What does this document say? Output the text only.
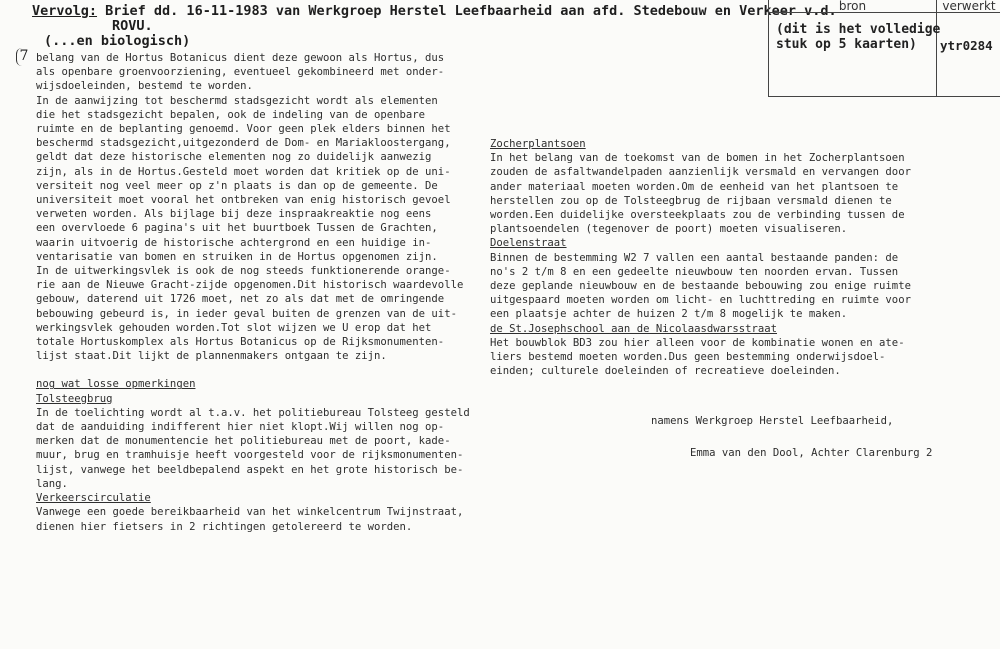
Vervolg: Brief dd. 16-11-1983 van Werkgroep Herstel Leefbaarheid aan afd. Stedebouw en Verkeer v.d.
ROVU.
(...en biologisch)
bron	verwerkt
(dit is het volledige
stuk op 5 kaarten)	ytr0284
7 belang van de Hortus Botanicus dient deze gewoon als Hortus, dus
als openbare groenvoorziening, eventueel gekombineerd met onder-
wijsdoeleinden, bestemd te worden.
In de aanwijzing tot beschermd stadsgezicht wordt als elementen
die het stadsgezicht bepalen, ook de indeling van de openbare
ruimte en de beplanting genoemd. Voor geen plek elders binnen het
beschermd stadsgezicht,uitgezonderd de Dom- en Mariakloostergang,
geldt dat deze historische elementen nog zo duidelijk aanwezig
zijn, als in de Hortus.Gesteld moet worden dat kritiek op de uni-
versiteit nog veel meer op z'n plaats is dan op de gemeente. De
universiteit moet vooral het ontbreken van enig historisch gevoel
verweten worden. Als bijlage bij deze inspraakreaktie nog eens
een overvloede 6 pagina's uit het buurtboek Tussen de Grachten,
waarin uitvoerig de historische achtergrond en een huidige in-
ventarisatie van bomen en struiken in de Hortus opgenomen zijn.
In de uitwerkingsvlek is ook de nog steeds funktionerende orange-
rie aan de Nieuwe Gracht-zijde opgenomen.Dit historisch waardevolle
gebouw, daterend uit 1726 moet, net zo als dat met de omringende
bebouwing gebeurd is, in ieder geval buiten de grenzen van de uit-
werkingsvlek gehouden worden.Tot slot wijzen we U erop dat het
totale Hortuskomplex als Hortus Botanicus op de Rijksmonumenten-
lijst staat.Dit lijkt de plannenmakers ontgaan te zijn.
nog wat losse opmerkingen
Tolsteegbrug
In de toelichting wordt al t.a.v. het politiebureau Tolsteeg gesteld
dat de aanduiding indifferent hier niet klopt.Wij willen nog op-
merken dat de monumentencie het politiebureau met de poort, kade-
muur, brug en tramhuisje heeft voorgesteld voor de rijksmonumenten-
lijst, vanwege het beeldbepalend aspekt en het grote historisch be-
lang.
Verkeerscirculatie
Vanwege een goede bereikbaarheid van het winkelcentrum Twijnstraat,
dienen hier fietsers in 2 richtingen getolereerd te worden.
Zocherplantsoen
In het belang van de toekomst van de bomen in het Zocherplantsoen
zouden de asfaltwandelpaden aanzienlijk versmald en vervangen door
ander materiaal moeten worden.Om de eenheid van het plantsoen te
herstellen zou op de Tolsteegbrug de rijbaan versmald dienen te
worden.Een duidelijke oversteekplaats zou de verbinding tussen de
plantsoendelen (tegenover de poort) moeten visualiseren.
Doelenstraat
Binnen de bestemming W2 7 vallen een aantal bestaande panden: de
no's 2 t/m 8 en een gedeelte nieuwbouw ten noorden ervan. Tussen
deze geplande nieuwbouw en de bestaande bebouwing zou enige ruimte
uitgespaard moeten worden om licht- en luchttreding en ruimte voor
een plaatsje achter de huizen 2 t/m 8 mogelijk te maken.
de St.Josephschool aan de Nicolaasdwarsstraat
Het bouwblok BD3 zou hier alleen voor de kombinatie wonen en ate-
liers bestemd moeten worden.Dus geen bestemming onderwijsdoel-
einden; culturele doeleinden of recreatieve doeleinden.
namens Werkgroep Herstel Leefbaarheid,
Emma van den Dool, Achter Clarenburg 2
